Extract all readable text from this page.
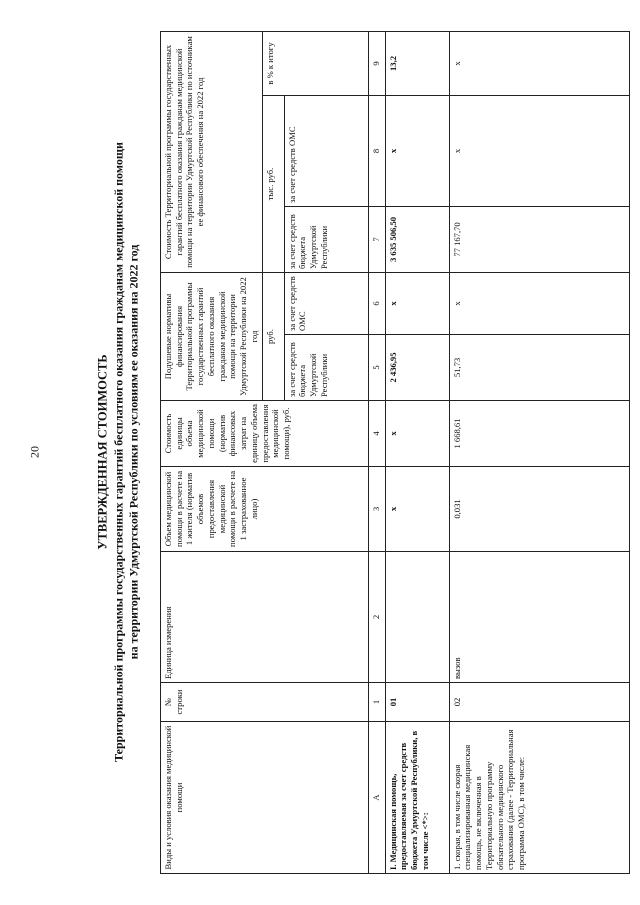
20	УТВЕРЖДЕННАЯ СТОИМОСТЬ Территориальной программы государственных гарантий бесплатного оказания гражданам медицинской помощи на территории Удмуртской Республики по условиям ее оказания на 2022 год
Виды и условия оказания медицинской помощи	№ строки	Единица измерения	Объем медицинской помощи в расчете на 1 жителя (норматив объемов предоставления медицинской помощи в расчете на 1 застрахованное лицо)	Стоимость единицы объема медицинской помощи (норматив финансовых затрат на единицу объема предоставления медицинской помощи), руб.	Подушевые нормативы финансирования Территориальной программы государственных гарантий бесплатного оказания гражданам медицинской помощи на территории Удмуртской Республики на 2022 год		Стоимость Территориальной программы государственных гарантий бесплатного оказания гражданам медицинской помощи на территории Удмуртской Республики по источникам ее финансового обеспечения на 2022 год		
					руб.		тыс. руб.		в % к итогу
					за счет средств бюджета Удмуртской Республики	за счет средств ОМС	за счет средств бюджета Удмуртской Республики	за счет средств ОМС	
А	1	2	3	4	5	6	7	8	9
I. Медицинская помощь, предоставляемая за счет средств бюджета Удмуртской Республики, в том числе <*>:	01		х	х	2 436,95	х	3 635 506,50	х	13,2
1. скорая, в том числе скорая специализированная медицинская помощь, не включенная в Территориальную программу обязательного медицинского страхования (далее - Территориальная программа ОМС), в том числе:	02	вызов	0,031	1 668,61	51,73	х	77 167,70	х	х
